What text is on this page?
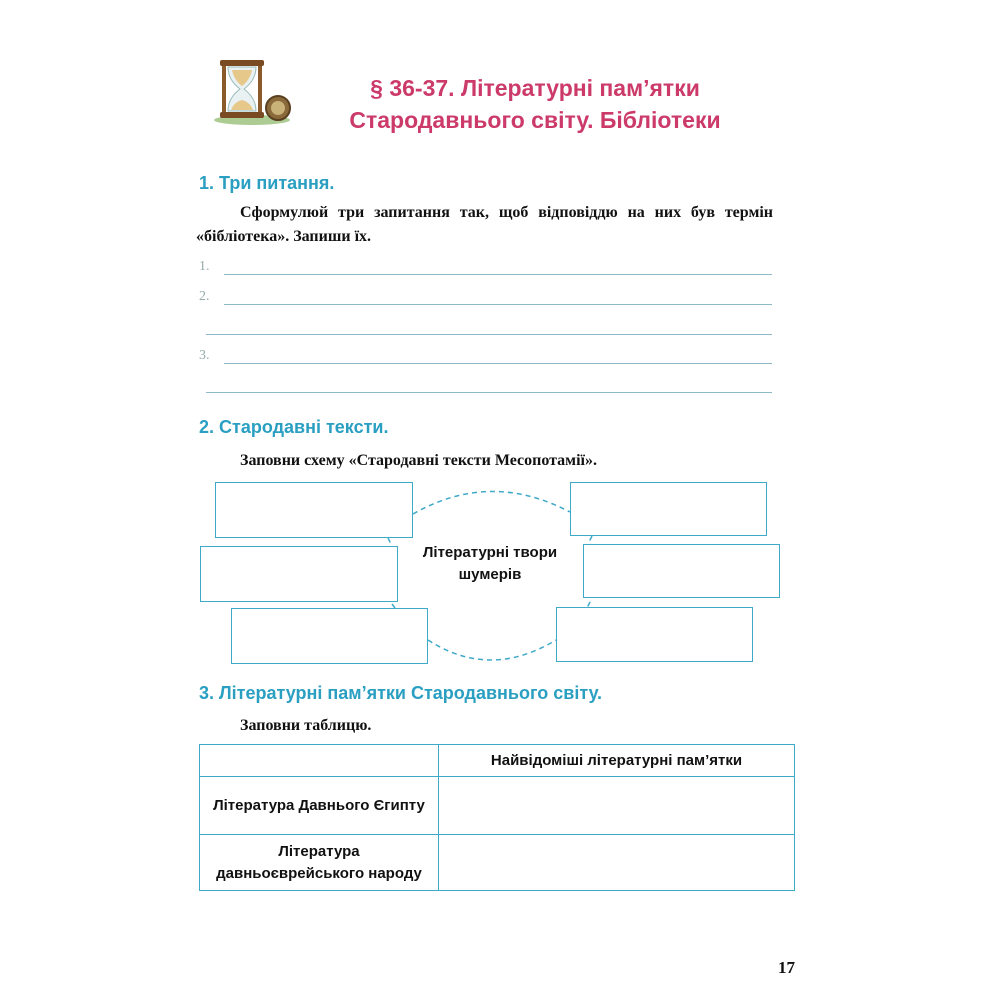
§ 36-37. Літературні пам’ятки
Стародавнього світу. Бібліотеки
1. Три питання.
Сформулюй три запитання так, щоб відповіддю на них був термін «бібліотека». Запиши їх.
1.
2.
3.
2. Стародавні тексти.
Заповни схему «Стародавні тексти Месопотамії».
Літературні твори шумерів
3. Літературні пам’ятки Стародавнього світу.
Заповни таблицю.
	Найвідоміші літературні пам’ятки
Література Давнього Єгипту	
Література давньоєврейського народу	
17
